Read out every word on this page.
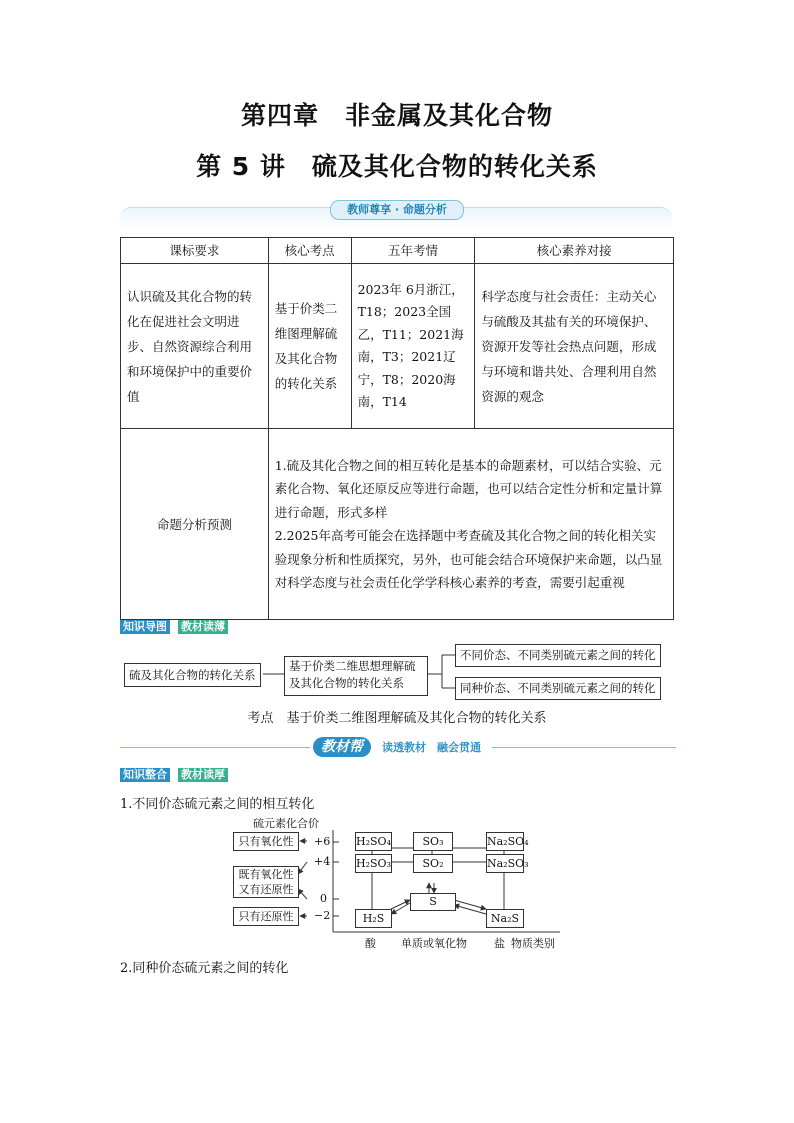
第四章　非金属及其化合物
第 5 讲　硫及其化合物的转化关系
教师尊享 · 命题分析
课标要求	核心考点	五年考情	核心素养对接
认识硫及其化合物的转化在促进社会文明进步、自然资源综合利用和环境保护中的重要价值	基于价类二维图理解硫及其化合物的转化关系	2023年 6月浙江，T18；2023全国乙，T11；2021海南，T3；2021辽宁，T8；2020海南，T14	科学态度与社会责任：主动关心与硫酸及其盐有关的环境保护、资源开发等社会热点问题，形成与环境和谐共处、合理利用自然资源的观念
命题分析预测	1.硫及其化合物之间的相互转化是基本的命题素材，可以结合实验、元素化合物、氧化还原反应等进行命题，也可以结合定性分析和定量计算进行命题，形式多样
2.2025年高考可能会在选择题中考查硫及其化合物之间的转化相关实验现象分析和性质探究，另外，也可能会结合环境保护来命题，以凸显对科学态度与社会责任化学学科核心素养的考查，需要引起重视		
知识导图 教材读薄
硫及其化合物的转化关系
基于价类二维思想理解硫
及其化合物的转化关系
不同价态、不同类别硫元素之间的转化
同种价态、不同类别硫元素之间的转化
考点　基于价类二维图理解硫及其化合物的转化关系
教材帮	读透教材　融会贯通
知识整合 教材读厚
1.不同价态硫元素之间的相互转化
硫元素化合价
+6
+4
0
−2
只有氧化性
既有氧化性
又有还原性
只有还原性
H₂SO₄	SO₃	Na₂SO₄
H₂SO₃	SO₂	Na₂SO₃
S
H₂S	Na₂S
酸 单质或氧化物 盐 物质类别
2.同种价态硫元素之间的转化
